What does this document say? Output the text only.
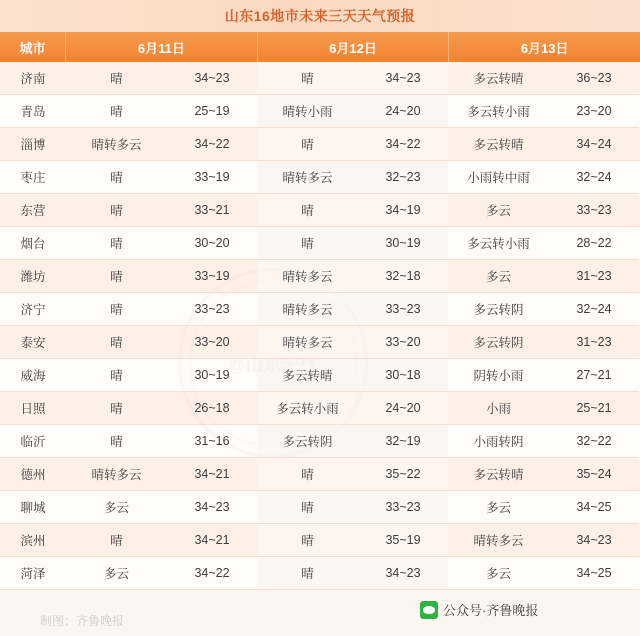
山东16地市未来三天天气预报
城市	6月11日	6月12日	6月13日
济南	晴	34~23	晴	34~23	多云转晴	36~23
青岛	晴	25~19	晴转小雨	24~20	多云转小雨	23~20
淄博	晴转多云	34~22	晴	34~22	多云转晴	34~24
枣庄	晴	33~19	晴转多云	32~23	小雨转中雨	32~24
东营	晴	33~21	晴	34~19	多云	33~23
烟台	晴	30~20	晴	30~19	多云转小雨	28~22
潍坊	晴	33~19	晴转多云	32~18	多云	31~23
济宁	晴	33~23	晴转多云	33~23	多云转阴	32~24
泰安	晴	33~20	晴转多云	33~20	多云转阴	31~23
威海	晴	30~19	多云转晴	30~18	阴转小雨	27~21
日照	晴	26~18	多云转小雨	24~20	小雨	25~21
临沂	晴	31~16	多云转阴	32~19	小雨转阴	32~22
德州	晴转多云	34~21	晴	35~22	多云转晴	35~24
聊城	多云	34~23	晴	33~23	多云	34~25
滨州	晴	34~21	晴	35~19	晴转多云	34~23
菏泽	多云	34~22	晴	34~23	多云	34~25
制图：齐鲁晚报
公众号·齐鲁晚报
